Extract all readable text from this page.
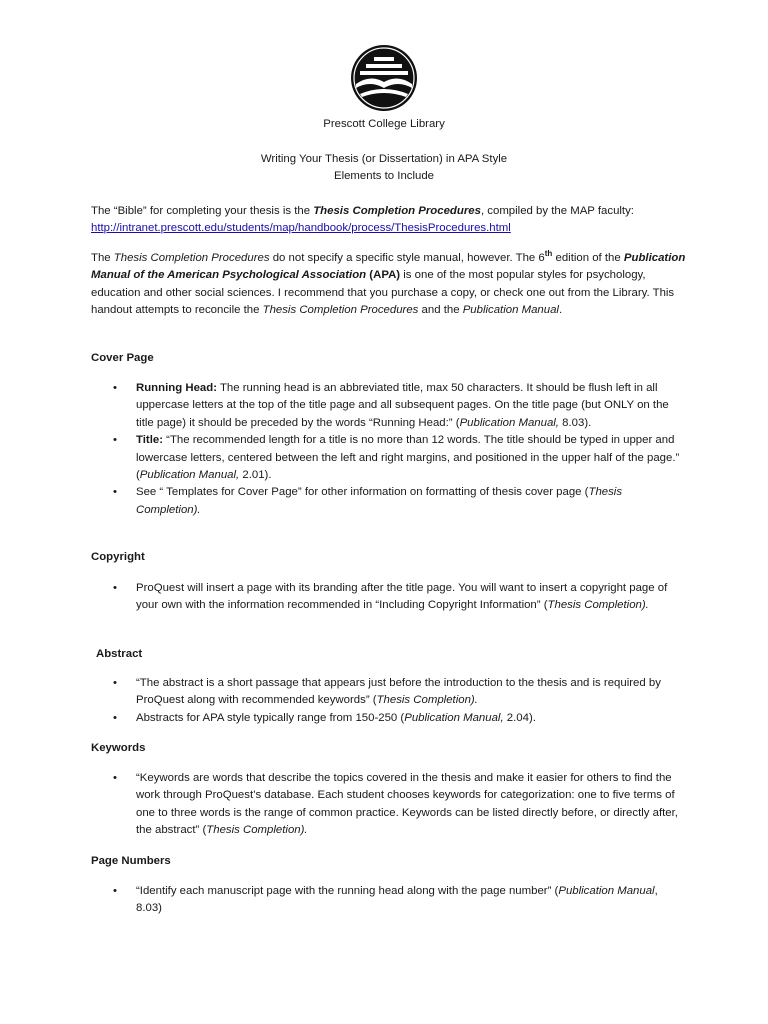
Prescott College Library
Writing Your Thesis (or Dissertation) in APA Style
Elements to Include
The “Bible” for completing your thesis is the Thesis Completion Procedures, compiled by the MAP faculty: http://intranet.prescott.edu/students/map/handbook/process/ThesisProcedures.html
The Thesis Completion Procedures do not specify a specific style manual, however. The 6th edition of the Publication Manual of the American Psychological Association (APA) is one of the most popular styles for psychology, education and other social sciences. I recommend that you purchase a copy, or check one out from the Library. This handout attempts to reconcile the Thesis Completion Procedures and the Publication Manual.
Cover Page
• Running Head: The running head is an abbreviated title, max 50 characters. It should be flush left in all uppercase letters at the top of the title page and all subsequent pages. On the title page (but ONLY on the title page) it should be preceded by the words “Running Head:” (Publication Manual, 8.03).
• Title: “The recommended length for a title is no more than 12 words. The title should be typed in upper and lowercase letters, centered between the left and right margins, and positioned in the upper half of the page.” (Publication Manual, 2.01).
• See “ Templates for Cover Page” for other information on formatting of thesis cover page (Thesis Completion).
Copyright
• ProQuest will insert a page with its branding after the title page. You will want to insert a copyright page of your own with the information recommended in “Including Copyright Information” (Thesis Completion).
Abstract
• “The abstract is a short passage that appears just before the introduction to the thesis and is required by ProQuest along with recommended keywords” (Thesis Completion).
• Abstracts for APA style typically range from 150-250 (Publication Manual, 2.04).
Keywords
• “Keywords are words that describe the topics covered in the thesis and make it easier for others to find the work through ProQuest’s database. Each student chooses keywords for categorization: one to five terms of one to three words is the range of common practice. Keywords can be listed directly before, or directly after, the abstract” (Thesis Completion).
Page Numbers
• “Identify each manuscript page with the running head along with the page number” (Publication Manual, 8.03)
